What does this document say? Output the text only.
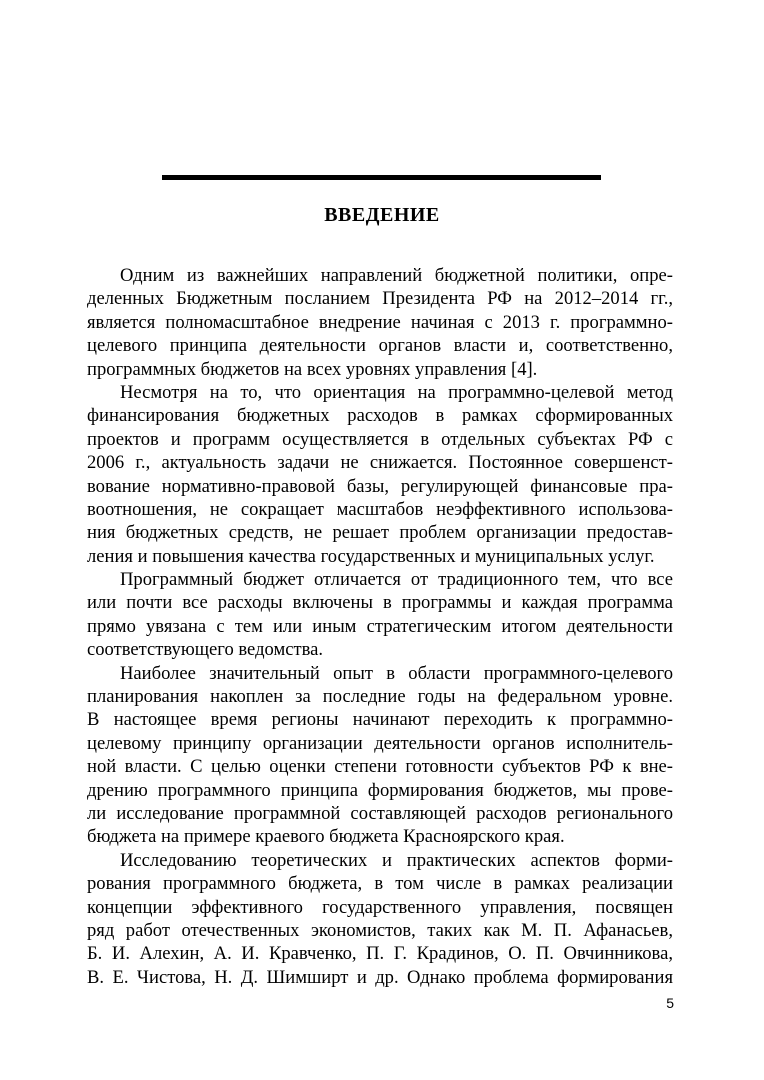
ВВЕДЕНИЕ

Одним из важнейших направлений бюджетной политики, опре-
деленных Бюджетным посланием Президента РФ на 2012–2014 гг.,
является полномасштабное внедрение начиная с 2013 г. программно-
целевого принципа деятельности органов власти и, соответственно,
программных бюджетов на всех уровнях управления [4].

Несмотря на то, что ориентация на программно-целевой метод
финансирования бюджетных расходов в рамках сформированных
проектов и программ осуществляется в отдельных субъектах РФ с
2006 г., актуальность задачи не снижается. Постоянное совершенст-
вование нормативно-правовой базы, регулирующей финансовые пра-
воотношения, не сокращает масштабов неэффективного использова-
ния бюджетных средств, не решает проблем организации предостав-
ления и повышения качества государственных и муниципальных услуг.

Программный бюджет отличается от традиционного тем, что все
или почти все расходы включены в программы и каждая программа
прямо увязана с тем или иным стратегическим итогом деятельности
соответствующего ведомства.

Наиболее значительный опыт в области программного-целевого
планирования накоплен за последние годы на федеральном уровне.
В настоящее время регионы начинают переходить к программно-
целевому принципу организации деятельности органов исполнитель-
ной власти. С целью оценки степени готовности субъектов РФ к вне-
дрению программного принципа формирования бюджетов, мы прове-
ли исследование программной составляющей расходов регионального
бюджета на примере краевого бюджета Красноярского края.

Исследованию теоретических и практических аспектов форми-
рования программного бюджета, в том числе в рамках реализации
концепции эффективного государственного управления, посвящен
ряд работ отечественных экономистов, таких как М. П. Афанасьев,
Б. И. Алехин, А. И. Кравченко, П. Г. Крадинов, О. П. Овчинникова,
В. Е. Чистова, Н. Д. Шимширт и др. Однако проблема формирования

5
